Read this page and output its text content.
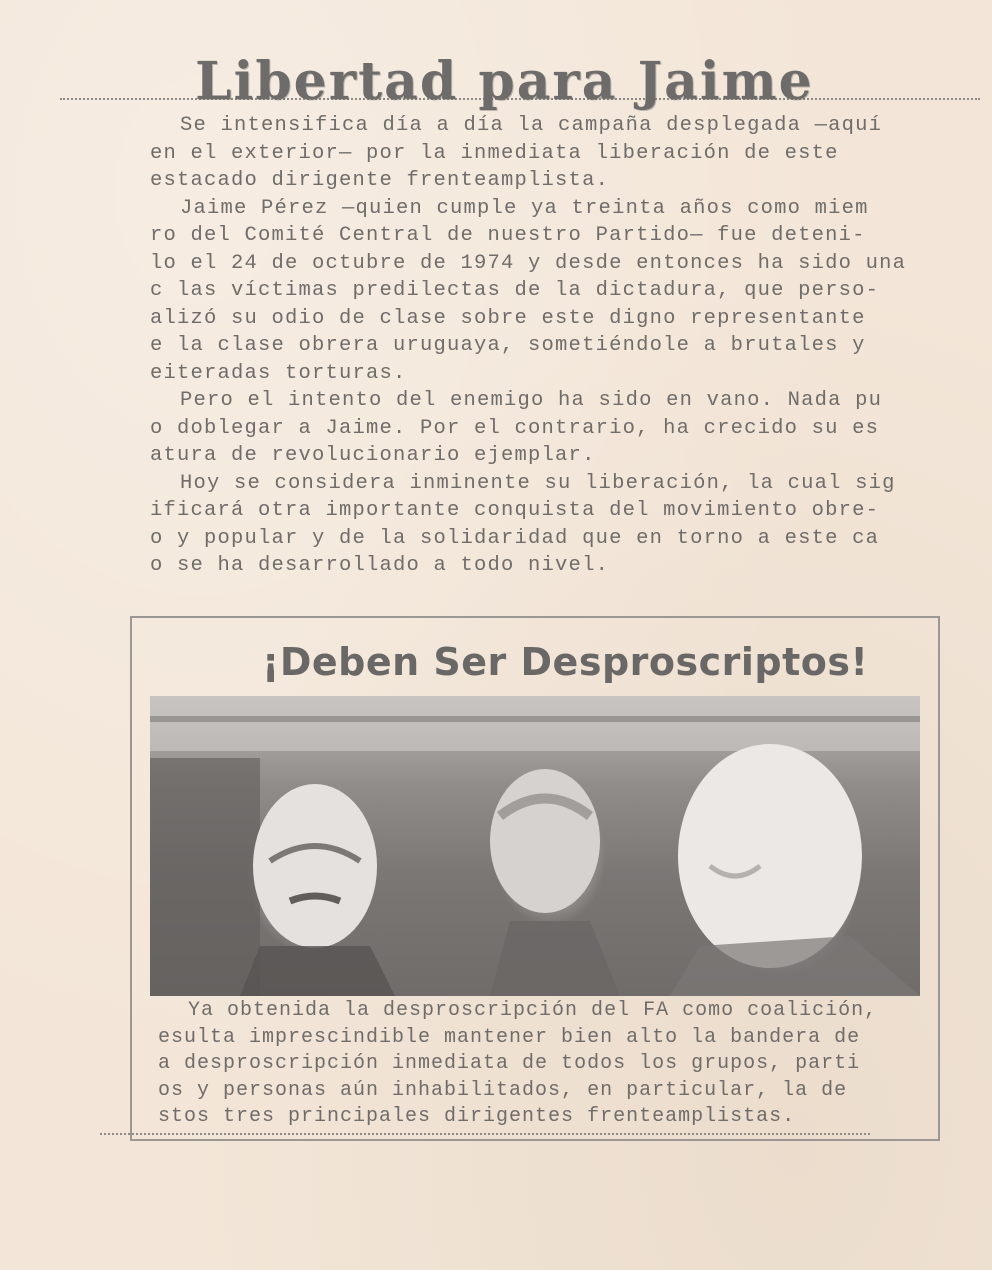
Libertad para Jaime
Se intensifica día a día la campaña desplegada —aquí
en el exterior— por la inmediata liberación de este
estacado dirigente frenteamplista.
Jaime Pérez —quien cumple ya treinta años como miem
ro del Comité Central de nuestro Partido— fue deteni-
lo el 24 de octubre de 1974 y desde entonces ha sido una
c las víctimas predilectas de la dictadura, que perso-
alizó su odio de clase sobre este digno representante
e la clase obrera uruguaya, sometiéndole a brutales y
eiteradas torturas.
Pero el intento del enemigo ha sido en vano. Nada pu
o doblegar a Jaime. Por el contrario, ha crecido su es
atura de revolucionario ejemplar.
Hoy se considera inminente su liberación, la cual sig
ificará otra importante conquista del movimiento obre-
o y popular y de la solidaridad que en torno a este ca
o se ha desarrollado a todo nivel.
¡Deben Ser Desproscriptos!
Ya obtenida la desproscripción del FA como coalición,
esulta imprescindible mantener bien alto la bandera de
a desproscripción inmediata de todos los grupos, parti
os y personas aún inhabilitados, en particular, la de
stos tres principales dirigentes frenteamplistas.
